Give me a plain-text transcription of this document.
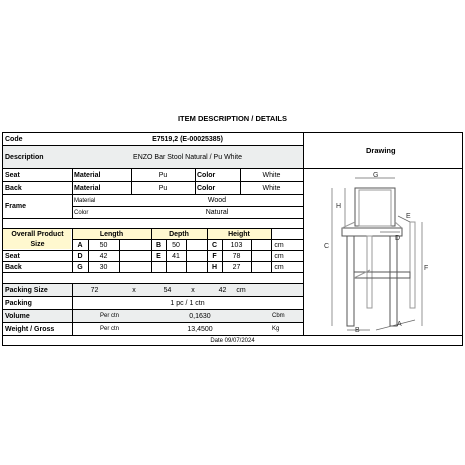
ITEM DESCRIPTION / DETAILS
Code	E7519,2 (E-00025385)
Description	ENZO Bar Stool Natural / Pu White
Drawing
Seat	Material	Pu	Color	White
Back	Material	Pu	Color	White
Frame
Material	Wood
Color	Natural
Overall Product
Size
Length	Depth	Height
A	50	B	50	C	103	cm
Seat	D	42	E	41	F	78	cm
Back	G	30	H	27	cm
Packing Size	72	x	54	x	42	cm
Packing	1 pc / 1 ctn
Volume	Per ctn	0,1630	Cbm
Weight / Gross	Per ctn	13,4500	Kg
Date 09/07/2024
G
H
C
E
D
F
B
A
